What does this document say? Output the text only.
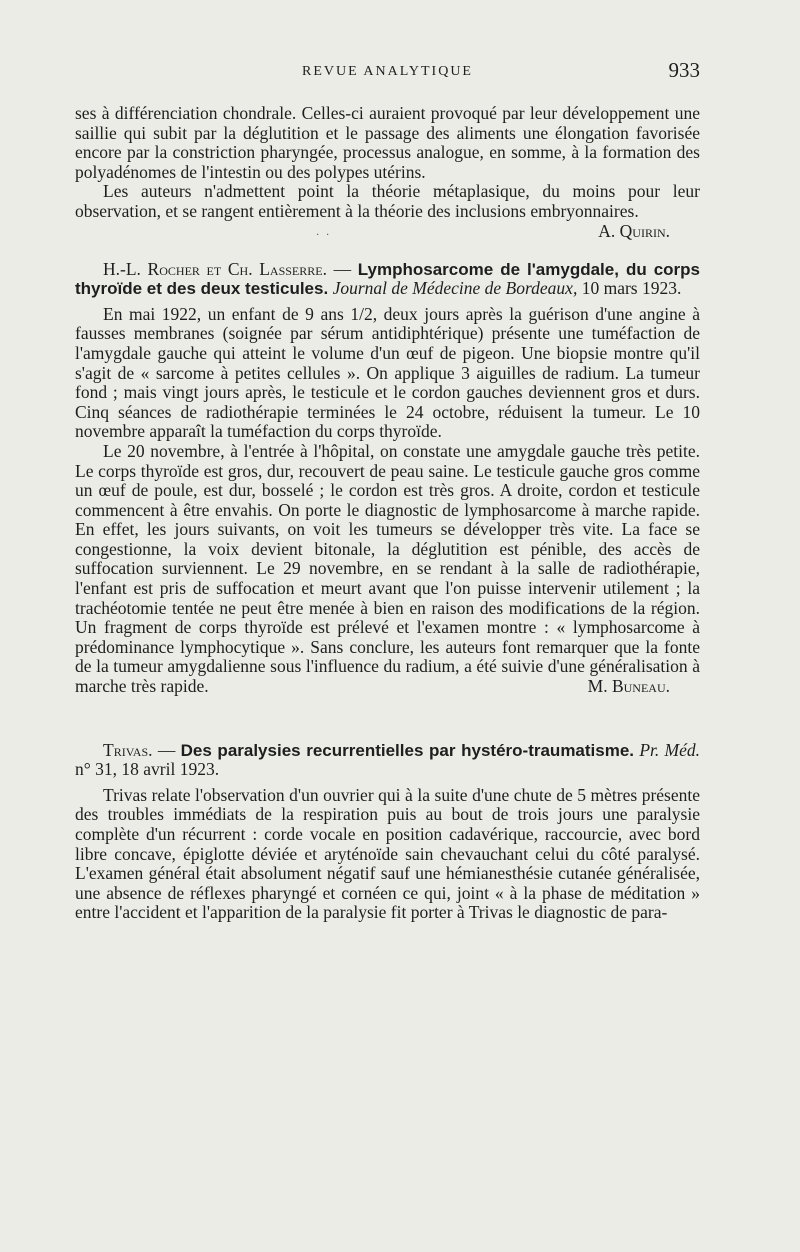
REVUE ANALYTIQUE	933

ses à différenciation chondrale. Celles-ci auraient provoqué par leur développement une saillie qui subit par la déglutition et le passage des aliments une élongation favorisée encore par la constriction pharyngée, processus analogue, en somme, à la formation des polyadénomes de l'intestin ou des polypes utérins.

Les auteurs n'admettent point la théorie métaplasique, du moins pour leur observation, et se rangent entièrement à la théorie des inclusions embryonnaires.
A. Quirin.

·  ·

H.-L. Rocher et Ch. Lasserre. — Lymphosarcome de l'amygdale, du corps thyroïde et des deux testicules. Journal de Médecine de Bordeaux, 10 mars 1923.

En mai 1922, un enfant de 9 ans 1/2, deux jours après la guérison d'une angine à fausses membranes (soignée par sérum antidiphtérique) présente une tuméfaction de l'amygdale gauche qui atteint le volume d'un œuf de pigeon. Une biopsie montre qu'il s'agit de « sarcome à petites cellules ». On applique 3 aiguilles de radium. La tumeur fond ; mais vingt jours après, le testicule et le cordon gauches deviennent gros et durs. Cinq séances de radiothérapie terminées le 24 octobre, réduisent la tumeur. Le 10 novembre apparaît la tuméfaction du corps thyroïde.

Le 20 novembre, à l'entrée à l'hôpital, on constate une amygdale gauche très petite. Le corps thyroïde est gros, dur, recouvert de peau saine. Le testicule gauche gros comme un œuf de poule, est dur, bosselé ; le cordon est très gros. A droite, cordon et testicule commencent à être envahis. On porte le diagnostic de lymphosarcome à marche rapide. En effet, les jours suivants, on voit les tumeurs se développer très vite. La face se congestionne, la voix devient bitonale, la déglutition est pénible, des accès de suffocation surviennent. Le 29 novembre, en se rendant à la salle de radiothérapie, l'enfant est pris de suffocation et meurt avant que l'on puisse intervenir utilement ; la trachéotomie tentée ne peut être menée à bien en raison des modifications de la région. Un fragment de corps thyroïde est prélevé et l'examen montre : « lymphosarcome à prédominance lymphocytique ». Sans conclure, les auteurs font remarquer que la fonte de la tumeur amygdalienne sous l'influence du radium, a été suivie d'une généralisation à marche très rapide.	M. Buneau.

Trivas. — Des paralysies recurrentielles par hystéro-traumatisme. Pr. Méd. n° 31, 18 avril 1923.

Trivas relate l'observation d'un ouvrier qui à la suite d'une chute de 5 mètres présente des troubles immédiats de la respiration puis au bout de trois jours une paralysie complète d'un récurrent : corde vocale en position cadavérique, raccourcie, avec bord libre concave, épiglotte déviée et aryténoïde sain chevauchant celui du côté paralysé. L'examen général était absolument négatif sauf une hémianesthésie cutanée généralisée, une absence de réflexes pharyngé et cornéen ce qui, joint « à la phase de méditation » entre l'accident et l'apparition de la paralysie fit porter à Trivas le diagnostic de para-
